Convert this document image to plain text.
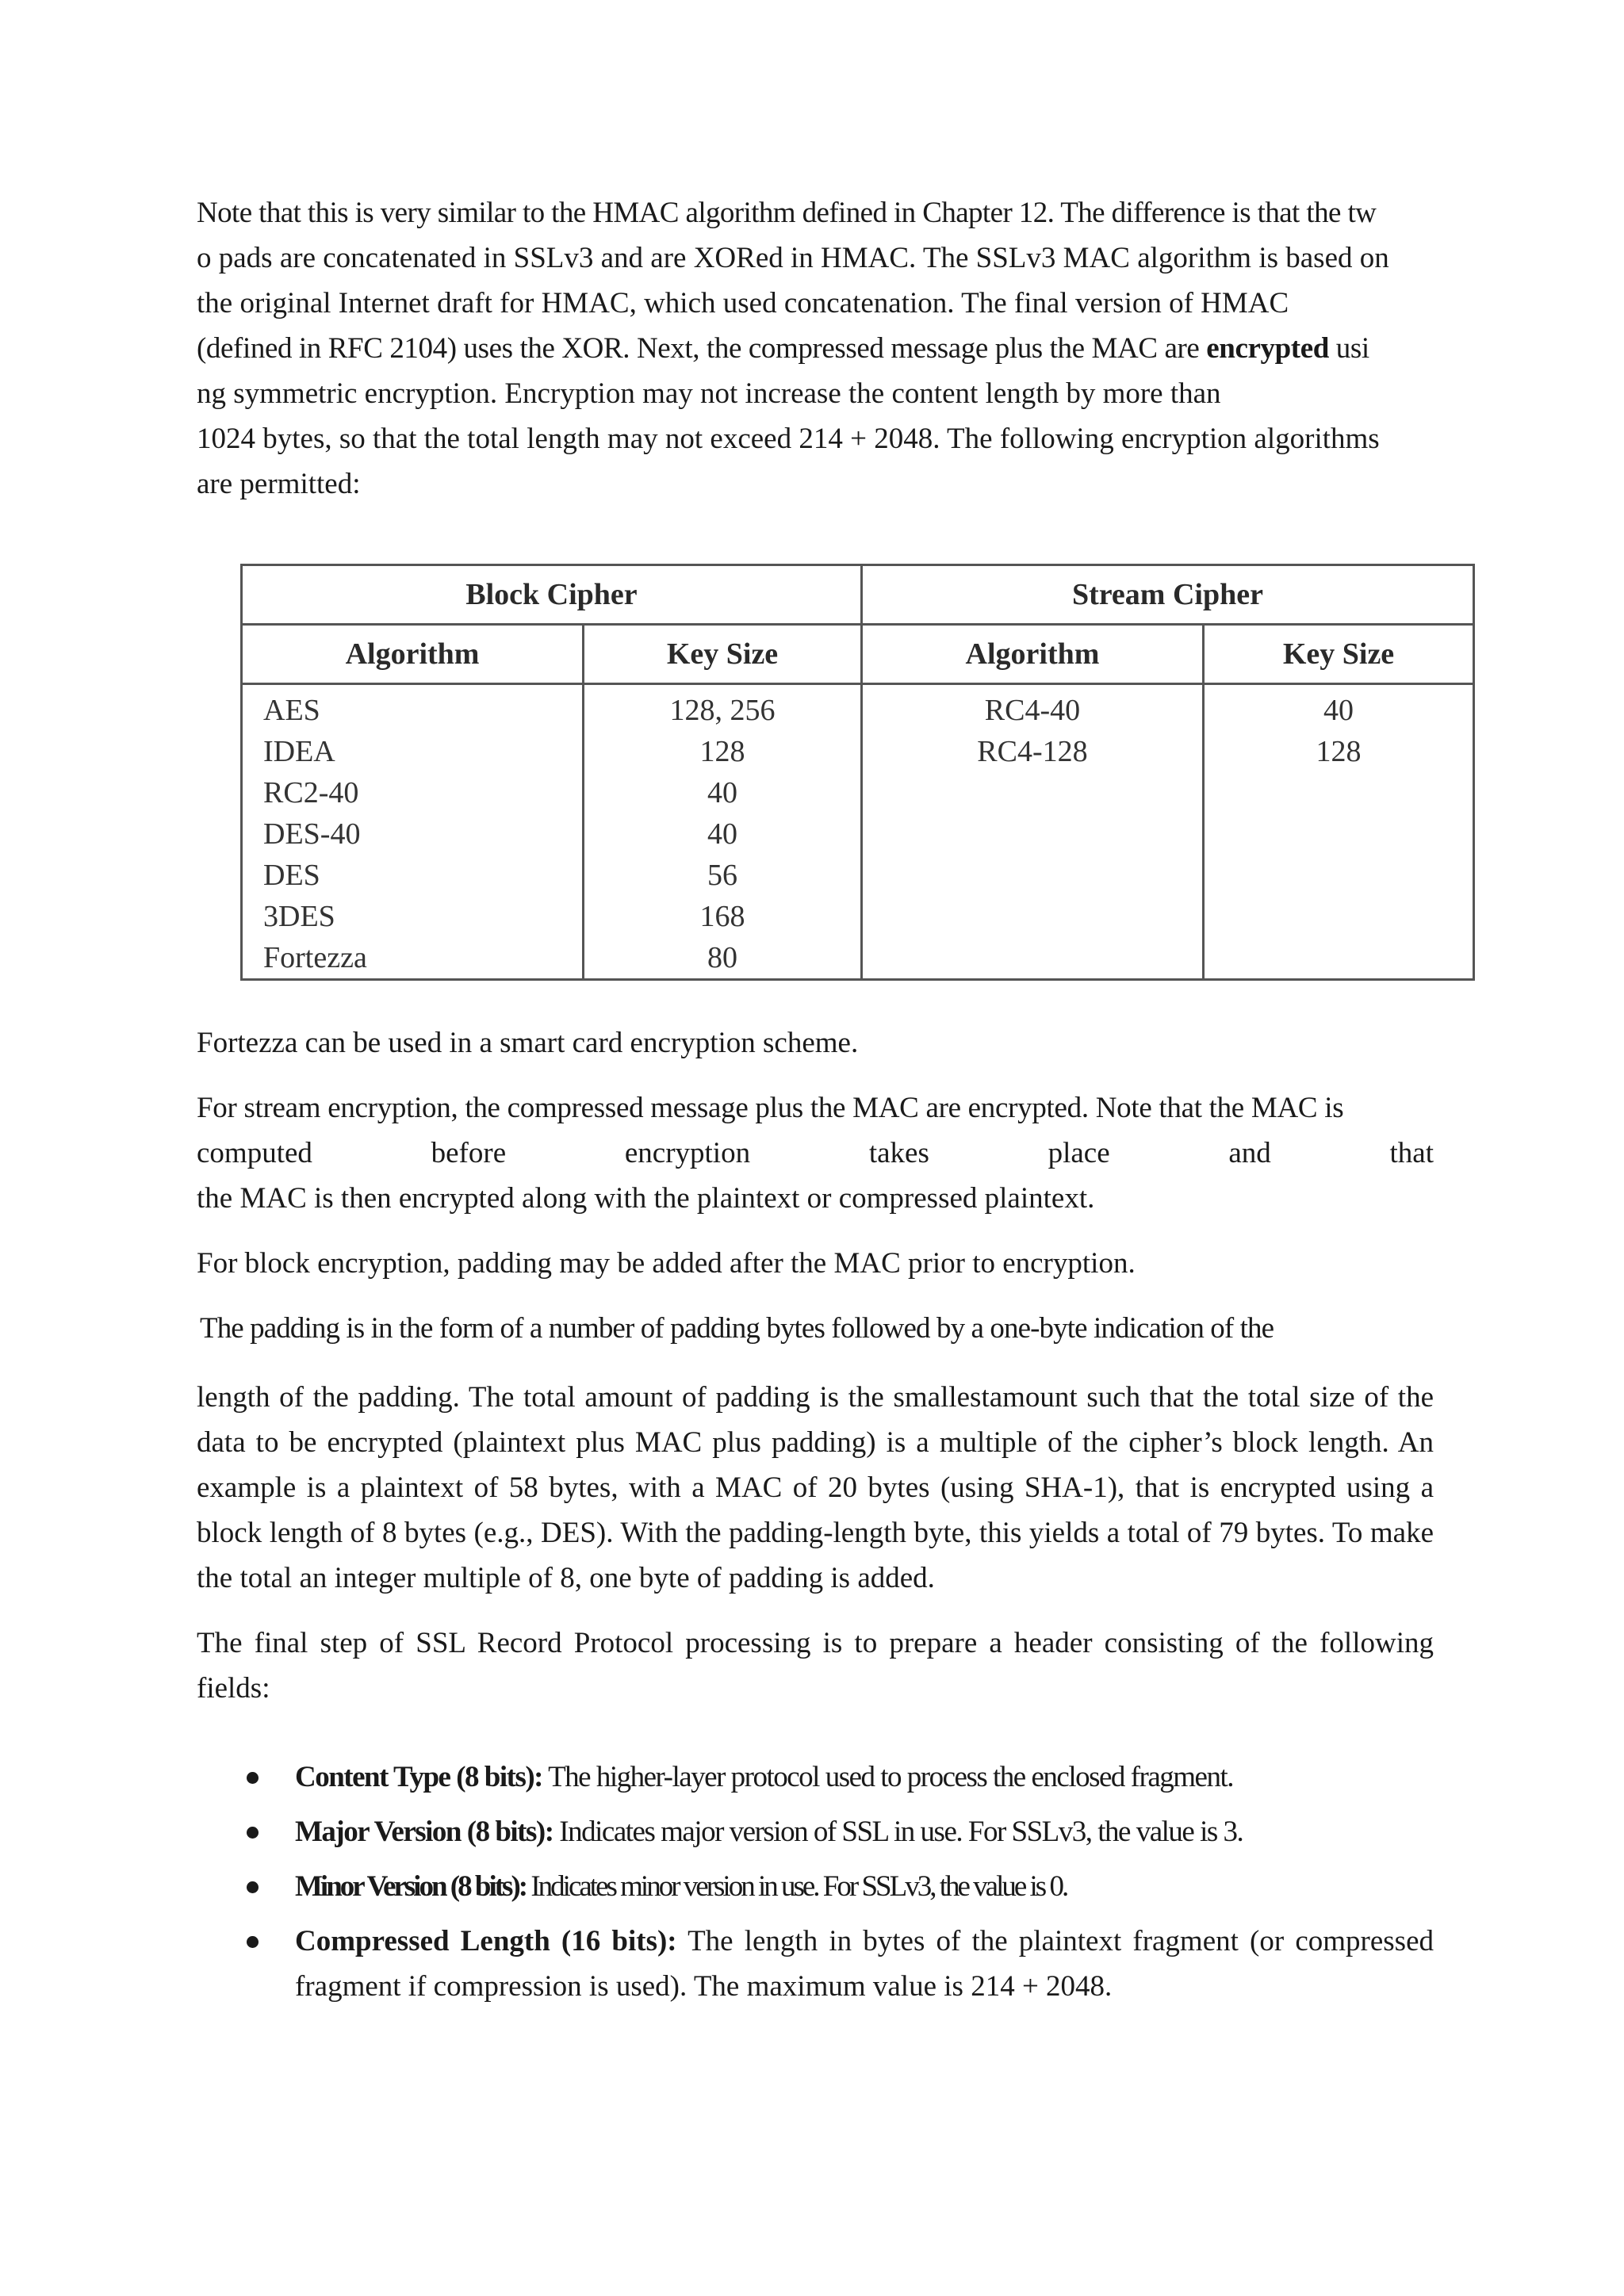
Note that this is very similar to the HMAC algorithm defined in Chapter 12. The difference is that the tw

o pads are concatenated in SSLv3 and are XORed in HMAC. The SSLv3 MAC algorithm is based on

the original Internet draft for HMAC, which used concatenation. The final version of HMAC

(defined in RFC 2104) uses the XOR. Next, the compressed message plus the MAC are encrypted usi

ng symmetric encryption. Encryption may not increase the content length by more than

1024 bytes, so that the total length may not exceed 214 + 2048. The following encryption algorithms

are permitted:

Block Cipher		Stream Cipher	
Algorithm	Key Size	Algorithm	Key Size
AES	128, 256	RC4-40	40
IDEA	128	RC4-128	128
RC2-40	40		
DES-40	40		
DES	56		
3DES	168		
Fortezza	80		

Fortezza can be used in a smart card encryption scheme.

For stream encryption, the compressed message plus the MAC are encrypted. Note that the MAC is

computed before encryption takes place and that

the MAC is then encrypted along with the plaintext or compressed plaintext.

For block encryption, padding may be added after the MAC prior to encryption.

The padding is in the form of a number of padding bytes followed by a one-byte indication of the

length of the padding. The total amount of padding is the smallestamount such that the total size of the data to be encrypted (plaintext plus MAC plus padding) is a multiple of the cipher’s block length. An example is a plaintext of 58 bytes, with a MAC of 20 bytes (using SHA-1), that is encrypted using a block length of 8 bytes (e.g., DES). With the padding-length byte, this yields a total of 79 bytes. To make the total an integer multiple of 8, one byte of padding is added.

The final step of SSL Record Protocol processing is to prepare a header consisting of the following fields:

Content Type (8 bits): The higher-layer protocol used to process the enclosed fragment.
Major Version (8 bits): Indicates major version of SSL in use. For SSLv3, the value is 3.
Minor Version (8 bits): Indicates minor version in use. For SSLv3, the value is 0.
Compressed Length (16 bits): The length in bytes of the plaintext fragment (or compressed fragment if compression is used). The maximum value is 214 + 2048.
